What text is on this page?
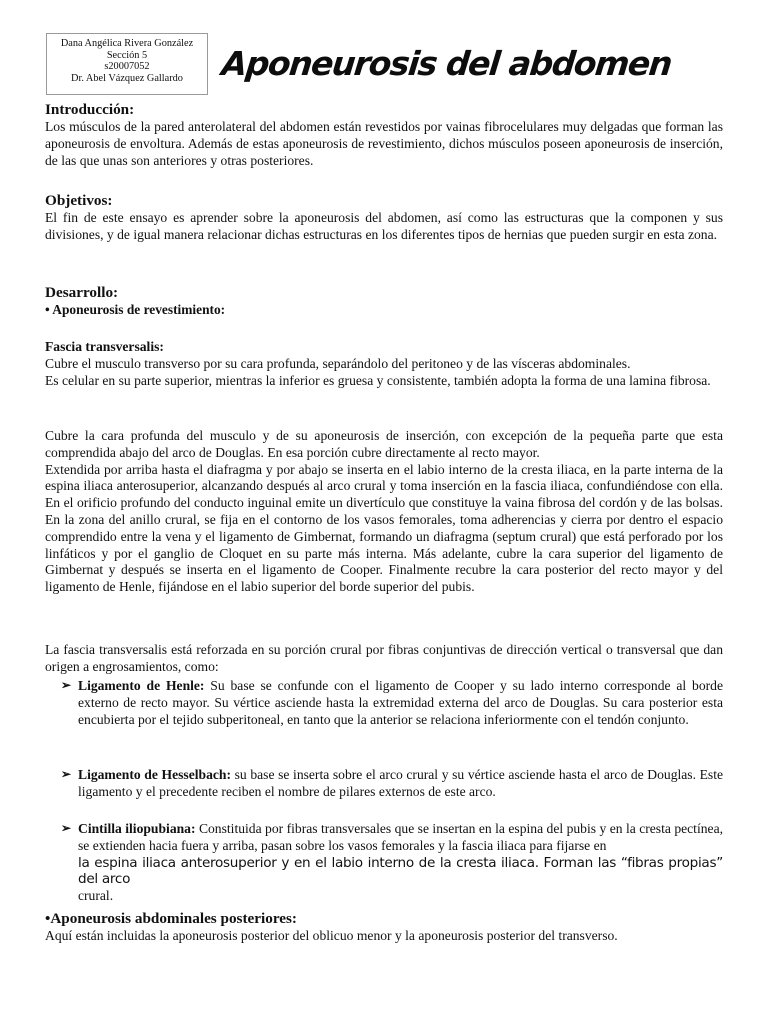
Dana Angélica Rivera González
Sección 5
s20007052
Dr. Abel Vázquez Gallardo	Aponeurosis del abdomen
Introducción:

Los músculos de la pared anterolateral del abdomen están revestidos por vainas fibrocelulares muy delgadas que forman las aponeurosis de envoltura. Además de estas aponeurosis de revestimiento, dichos músculos poseen aponeurosis de inserción, de las que unas son anteriores y otras posteriores.

Objetivos:

El fin de este ensayo es aprender sobre la aponeurosis del abdomen, así como las estructuras que la componen y sus divisiones, y de igual manera relacionar dichas estructuras en los diferentes tipos de hernias que pueden surgir en esta zona.

Desarrollo:
• Aponeurosis de revestimiento:
Fascia transversalis:

Cubre el musculo transverso por su cara profunda, separándolo del peritoneo y de las vísceras abdominales.

Es celular en su parte superior, mientras la inferior es gruesa y consistente, también adopta la forma de una lamina fibrosa.

Cubre la cara profunda del musculo y de su aponeurosis de inserción, con excepción de la pequeña parte que esta comprendida abajo del arco de Douglas. En esa porción cubre directamente al recto mayor.

Extendida por arriba hasta el diafragma y por abajo se inserta en el labio interno de la cresta iliaca, en la parte interna de la espina iliaca anterosuperior, alcanzando después al arco crural y toma inserción en la fascia iliaca, confundiéndose con ella. En el orificio profundo del conducto inguinal emite un divertículo que constituye la vaina fibrosa del cordón y de las bolsas. En la zona del anillo crural, se fija en el contorno de los vasos femorales, toma adherencias y cierra por dentro el espacio comprendido entre la vena y el ligamento de Gimbernat, formando un diafragma (septum crural) que está perforado por los linfáticos y por el ganglio de Cloquet en su parte más interna. Más adelante, cubre la cara superior del ligamento de Gimbernat y después se inserta en el ligamento de Cooper. Finalmente recubre la cara posterior del recto mayor y del ligamento de Henle, fijándose en el labio superior del borde superior del pubis.

La fascia transversalis está reforzada en su porción crural por fibras conjuntivas de dirección vertical o transversal que dan origen a engrosamientos, como:

➢ Ligamento de Henle: Su base se confunde con el ligamento de Cooper y su lado interno corresponde al borde externo de recto mayor. Su vértice asciende hasta la extremidad externa del arco de Douglas. Su cara posterior esta encubierta por el tejido subperitoneal, en tanto que la anterior se relaciona inferiormente con el tendón conjunto.

➢ Ligamento de Hesselbach: su base se inserta sobre el arco crural y su vértice asciende hasta el arco de Douglas. Este ligamento y el precedente reciben el nombre de pilares externos de este arco.

➢ Cintilla iliopubiana: Constituida por fibras transversales que se insertan en la espina del pubis y en la cresta pectínea, se extienden hacia fuera y arriba, pasan sobre los vasos femorales y la fascia iliaca para fijarse en

la espina iliaca anterosuperior y en el labio interno de la cresta iliaca. Forman las “fibras propias” del arco

crural.

•Aponeurosis abdominales posteriores:

Aquí están incluidas la aponeurosis posterior del oblicuo menor y la aponeurosis posterior del transverso.
